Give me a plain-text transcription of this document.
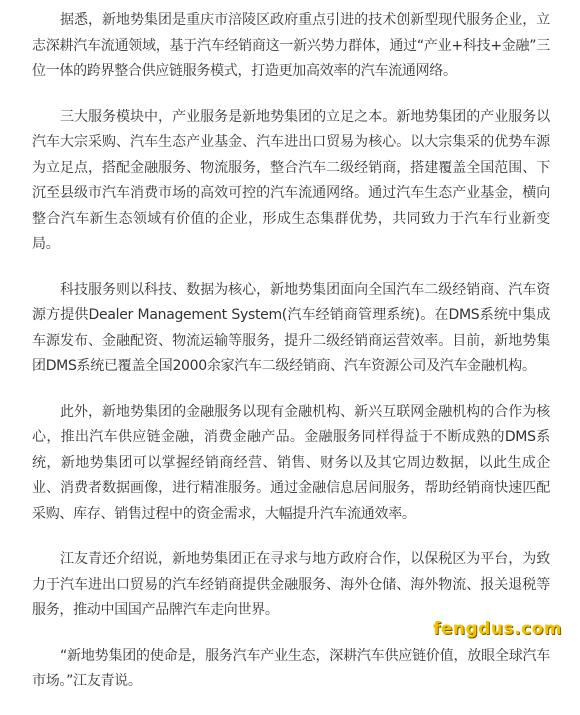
据悉，新地势集团是重庆市涪陵区政府重点引进的技术创新型现代服务企业，立志深耕汽车流通领域，基于汽车经销商这一新兴势力群体，通过“产业+科技+金融”三位一体的跨界整合供应链服务模式，打造更加高效率的汽车流通网络。

三大服务模块中，产业服务是新地势集团的立足之本。新地势集团的产业服务以汽车大宗采购、汽车生态产业基金、汽车进出口贸易为核心。以大宗集采的优势车源为立足点，搭配金融服务、物流服务，整合汽车二级经销商，搭建覆盖全国范围、下沉至县级市汽车消费市场的高效可控的汽车流通网络。通过汽车生态产业基金，横向整合汽车新生态领域有价值的企业，形成生态集群优势，共同致力于汽车行业新变局。

科技服务则以科技、数据为核心，新地势集团面向全国汽车二级经销商、汽车资源方提供Dealer Management System(汽车经销商管理系统)。在DMS系统中集成车源发布、金融配资、物流运输等服务，提升二级经销商运营效率。目前，新地势集团DMS系统已覆盖全国2000余家汽车二级经销商、汽车资源公司及汽车金融机构。

此外，新地势集团的金融服务以现有金融机构、新兴互联网金融机构的合作为核心，推出汽车供应链金融，消费金融产品。金融服务同样得益于不断成熟的DMS系统，新地势集团可以掌握经销商经营、销售、财务以及其它周边数据，以此生成企业、消费者数据画像，进行精准服务。通过金融信息居间服务，帮助经销商快速匹配采购、库存、销售过程中的资金需求，大幅提升汽车流通效率。

江友青还介绍说，新地势集团正在寻求与地方政府合作，以保税区为平台，为致力于汽车进出口贸易的汽车经销商提供金融服务、海外仓储、海外物流、报关退税等服务，推动中国国产品牌汽车走向世界。

“新地势集团的使命是，服务汽车产业生态，深耕汽车供应链价值，放眼全球汽车市场。”江友青说。

fengdus.com
